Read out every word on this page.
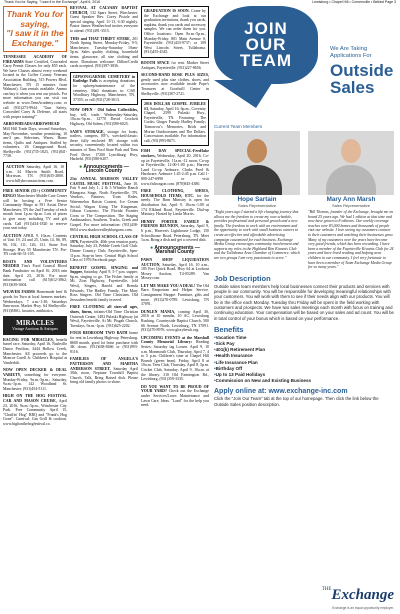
Thank You for Saying, "I saw it in the Exchange", April 6, 2016	Lewisburg • Chapel Hill • Cornersville • Belfast Page 3
Thank You for saying,
"I saw it in the Exchange."
TENNESSEE ACADEMY OF FIREARMS State Certified, Concealed Carry Permit Classes for only $55 each. We have Classes almost every weekend located in the Coffee County Veterans Association Building, 515 Powers Blvd, Manchester, TN 15 minutes from Walmart). Gun rentals available. Ammo can buy it when you rent our pistols. For more information you can visit our website at www.TennAcademy.com; or call (931)273-9944. "Gun Safety, Concealed Carry & Defense, all starts with proper training!"
ARROWHEADS/ARROWHEAD Mill Hill Trade Days, second Saturdays, May-November, weather permitting, 10 am-3 pm. Sidevines, Wares, Home items, Quilts and Antiques. Staffed by volunteers. 26 Campground Road, Shelbyville. (931)735-1823, (931)841-7738.
AUCTION Saturday, April 16, 10 a.m. 34 Marvin Smith Road, Morrison, TN. (931)635-2800. www.billybrownauctions.com.
FREE SENIOR (55+) COMMUNITY BINGO Manchester Middle Care Center will be hosting a Free Senior Community Bingo at 591 Assist Drive Manchester, TN the 2nd Tuesday of each month from 1p.m.-4p.m. Lots of prizes to give away including TV and gift cards. Call (931)434-1820 to reserve your seat today.
AUCTION APRIL 9, 10a.m. Contents of Unit 19, 24 and 25, Units 14, 86, 89, 96, 102, 111, 126, 131. Stone Fort Storage, Hwy 55 Manchester TN. Pre-TN code 66-31-105.
BOATS AND VOLUNTEERS NEEDED Tim's Food Council Blood Bank Fundraiser on April 16, 2016 rain date, April 23, 2016. For more information call (615)612-3862; (931)639-3604.
WEAVER FARMS Homemade beef & goods for Turn at local farmers markets. Wednesdays, 7 a.m.-1:30; Saturdays 8am-noon. Market Hwy. 64 Shelbyville. (931)MSG, luxuries, antibiotics.
MIRACLES
Vintage Auctions & Antiques
RACING FOR MIRACLES, benefit barrel race, Saturday, April 16, Nashville Dance Pavilion, 3444 Hollow Creek, Manchester. All proceeds go to the Monroe Carell Jr. Children's Hospital at Vanderbilt.
NOW OPEN DECKER & DEAL VARIETY, something for everyone. Monday-Friday, 9a.m.-5p.m.; Saturday, 9a.m.-1p.m. 142 Woodland St. Manchester. (931)454-5111.
HIGH ON THE HOG FESTIVAL CAR AND MASON CRUISE, April 23, 2016, 9a.m.-3p.m., Winchester City Park. Free Community April 15, "Chuffin' Hog" BBQ and "Frank's Hog Gone". Carnival: Gas Grill & cookout. www.highonthehogfestival.co.
REVIVAL AT CALVARY BAPTIST CHURCH, 132 Spars Street, Winchester. Guest Speaker Rev. Corey Pistole and special singing. April 11-13, 6:30 nightly. Pastor James Weatherford invites everyone to attend. (931)491-3515.
THIS and THAT THRIFT STORE, 201 North Spring Street, Monday-Friday, 9-5; Manchester; Tuesday-Saturday 10am-5p.m. Sales quality clothing, household items, glassware, all size clothing and more. Donations welcome. Dillon/Credit cards accepted. (931)397-3836.
GIPSON/GARNER CEMETERY in Rutledge Falls is accepting donations for upkeep/maintenance of the cemetery. Mail donations to: C/60 Woodbury Highway, Manchester, TN, 37355; or call (931)728-3013.
NOW OPEN - Old Salem Collectibles, buy, sell, trade. Wednesday-Saturday, 10a.m.-5p.m., 12770 David Crockett Highway, Old Salem. (931)580-6025.
SAM'S STORAGE, storage for boats, trailers, campers, RV's, wrecked/classic; these fully enclosed RV storage with security, conveniently located within two minutes of Tims Ford State Park and Tims Ford Drive. 17200 Lynchburg Hwy, Hatfield. (931)580-6207.
● Announcements — Lincoln County
21st ANNUAL MADISON VALLEY CASTEL MUSIC FESTIVAL, June 10, Fair 9 and July 1, 2 & 3 Whistler Ranch Bluegrass Stage, North Fayetteville, TN. Vendors, Painters, Train Rides, Watermelon Raisin Contest, Ice Cream Social, Wagon Using The Kingsman, Gibson Concerto. The Florida Frontier Cross or The Composition. The Staging Ambassadors, Southern. Tracks, Greek and Gospel. For more information: (931)438-8654 www.shadowvalleybluegrass.com.
CENTRAL HIGH SCHOOL CLASS OF 1976, Fayetteville, 40th year reunion party, Saturday, July 23, Pebble Creek Golf Club. Dinner Country Club, Fayetteville, 6pm-11p.m. Stop-in beer. Central High School Class of 1976 Facebook page.
BENEFIT GOSPEL SINGING and Supper, Saturday, April 9, 5-7 p.m. supper; 6p.m. singing to go. The Fisher family at Mt. Zion Highway, Fayetteville, (old West), Singers, Harold and Brenda Edwards, The Hadley Family, The Mary Ross Singers. Old Time Christians. Old Jerusalem benefit family in need.
FREE CLOTHING all sizes-all ages, shoes, linens, infants-Old Time Christian Outreach Center, 1492 Pulaski Highway (at West), Fayetteville, At Mt. Pisgah Church, Tuesdays, 9a.m.-1p.m. (931)625-2202.
FOUR BEDROOM TWO BATH home for rent in Lewisburg Highway, Petersburg. $600 month, good lot lease purchase with 3K down. (931)638-8466 or (931)993-8116.
FAMILIES OF ANGELA'S PATTERSON AND MARTHA ANDERSON STREET. Saturday April 30th, noon, Neptune Townhill Baptist Church, Talk, Bring Raised dish. Please bring old family photos to share.
GRADUATION IS SOON. Come by the Exchange and look at our graduation invitations, thank you cards, napkins, thank you cards and accessory samples. We can order them for you. Office locations: Open 8a.m.-5p.m., Monday-Friday. 801 Main Avenue S, Fayetteville. (931)433-9737; or 109 West Lincoln Street, Tullahoma. (931)455-4545.
BOOTH SPACE for rent. Marker Street Antiques, Fayetteville. (931)227-8656.
SECOND-HAND ROSE PLUS SIZES, gently used plus size clothes, shoes, and accessories now available inside Pope's Treasures at Goodwill Center in Shelbyville. (931)307-2721.
2016 DOLLAR GOSPEL JUBILEE #3, Saturday, April 16, 6p.m., Coventry Chapel, 2599 Pulaski Hwy., Fayetteville, TN. Featuring: The Cooks; Ginger Family Hadley Family; Tomorrow's Memories, Brick and Mortar Outdoorsmen and The Dollars. Concessions available. For information call, (931)993-8671.
FISH DAY SPECIAL-Feed/lake stockers, Wednesday, April 20, 2016, Co-op in Fayetteville, 11a.m.-12 noon; Co-op in Fayetteville, 12:00-1:00 p.m.; Harvest Land Co-op Ardmore, Clarks Feed & Hardware, Ardmore 1:45-2:45 p.m. Call 1-800-247-6990 or visit www.fishwagon.com. (870)845-4380.
FREE CLOTHING, SHOES, HOUSEHOLD ITEMS, ETC. for the needy. The Barn Ministry is open for distribution Sat, April 9, 10a.m.-1:00 at 174 Elkland Road, Fayetteville. Dial-up Ministry. Hosted by Linda Morris.
HENRY PORTER FAMILY & FRIENDS REUNION, Saturday, April 9, 6 p.m., Heaven's Lighthouse Lodge, 150 Schoolhouse Road, Petersburg. TN. Meet 1a.m. Bring a dish and get a covered dish.
● Announcements — Marshall County
PAWN SHOP LIQUIDATION AUCTION, Saturday, April 16, 10 a.m., 185 Fort Quick Road, Hwy 64 at Lookout Mosey Auction, T4-05289. Van Mosey.com.
LET ME MAKE YOU A DEAL! The Old Barn Emporium and Helper Service. Consignment Shoppe. Furniture, gifts and more. (931)270-0789. Lewisburg, TN 37091.
DUNLEN MANIA, coming April 30, 2016 at 10 months, 10 AC, Lewisburg Rushing. Countryside Baptist Church, 500 66 Avenue North, Lewisburg, TN 37091. (931)270-8976. www.glorybewh.org.
UPCOMING EVENTS at the Marshall County Memorial Library: Reading Series; Saturday tag Lorsen. April 9, 10 a.m. Monmouth Club, Thursday, April 7, 4 to 5 p.m. Children's time at Chapel Hill Branch (green bean). Friday, April 8 at 10a.m. Teen Club, Thursday, April 8, 5p.m. Cricket Club, Saturday, April 9, 10a.m. at the library. 310 Old Farmington Rd., Lewisburg. (931)359-3335.
DO YOU WANT TO BE PROUD OF YOUR YARD? Check out the Exchange under Services/Lawn Maintenance and Lawn Care, Ideas. "Land" for the help you need.
JOIN
OUR
TEAM
We Are Taking Applications For
Outside Sales
Current Team Members
Hope Sartain
Sales Representative
Mary Ann Marsh
Sales Representative
"Eight years ago I started a life changing journey that allows me the freedom to create my own schedule, provides professional and personal growth and a new family. The freedom to work with an environment and the opportunity to work with small business owners to create an effective and affordable advertising campaign customized for each business. Exchange Media Group encourages community involvement and supports my roles in the Highland Rim Kiwanis Club and the Tullahoma Area Chamber of Commerce, which are two groups I am very passionate to serve."
"Bill Thomas, founder of the Exchange, brought me on board 25 years ago. We had 1 edition at that time and now have grown to 8 editions. Our weekly coverage reaches over 83,000 homes and thousands of people visit our website. I love seeing my customers connect to their customers and watching their businesses grow. Many of my customers over the years have become very good friends, which has been rewarding. I have been a member of the Fayetteville Kiwanis Club for 24 years and have loved reading and helping area children in our community. I feel very fortunate to have been a member of Team Exchange Media Group for so many years."
Job Description
Outside sales team members help local businesses connect their products and services with people in our community. You will be responsible for developing meaningful relationships with your customers. You will work with them to see if their needs align with our products. You will be in the office each Monday. Tuesday thru Friday will be spent in the field working with customers and prospects. We have two sales meetings each month with focus on training and continuing education. Your compensation will be based on your sales and ad count. You will be in total control of your bonus which is based on your performance.
Benefits
• Vacation Time
• Sick Pay
• 401(k) Retirement Plan
• Health Insurance
• Life Insurance Plan
• Birthday Off
• Up to 13 Paid Holidays
• Commission on New and Existing Business
Apply online at: www.exchange-inc.com
Click the "Join Our Team" tab at the top of our homepage. Then click the link below the Outside Sales position description.
$^{THE}$Exchange
Exchange is an equal opportunity employer.
